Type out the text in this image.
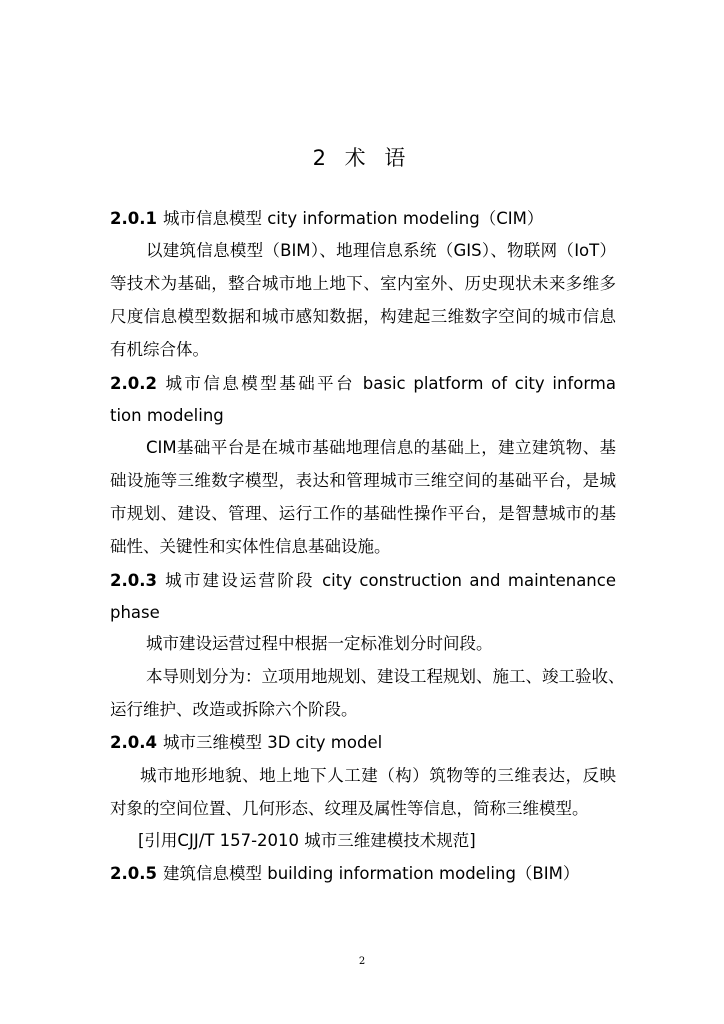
2 术 语
2.0.1 城市信息模型 city information modeling（CIM）
以建筑信息模型（BIM）、地理信息系统（GIS）、物联网（IoT）
等技术为基础，整合城市地上地下、室内室外、历史现状未来多维多
尺度信息模型数据和城市感知数据，构建起三维数字空间的城市信息
有机综合体。
2.0.2 城市信息模型基础平台 basic platform of city informa
tion modeling
CIM基础平台是在城市基础地理信息的基础上，建立建筑物、基
础设施等三维数字模型，表达和管理城市三维空间的基础平台，是城
市规划、建设、管理、运行工作的基础性操作平台，是智慧城市的基
础性、关键性和实体性信息基础设施。
2.0.3 城市建设运营阶段 city construction and maintenance
phase
城市建设运营过程中根据一定标准划分时间段。
本导则划分为：立项用地规划、建设工程规划、施工、竣工验收、
运行维护、改造或拆除六个阶段。
2.0.4 城市三维模型 3D city model
城市地形地貌、地上地下人工建（构）筑物等的三维表达，反映
对象的空间位置、几何形态、纹理及属性等信息，简称三维模型。
[引用CJJ/T 157-2010 城市三维建模技术规范]
2.0.5 建筑信息模型 building information modeling（BIM）
2
